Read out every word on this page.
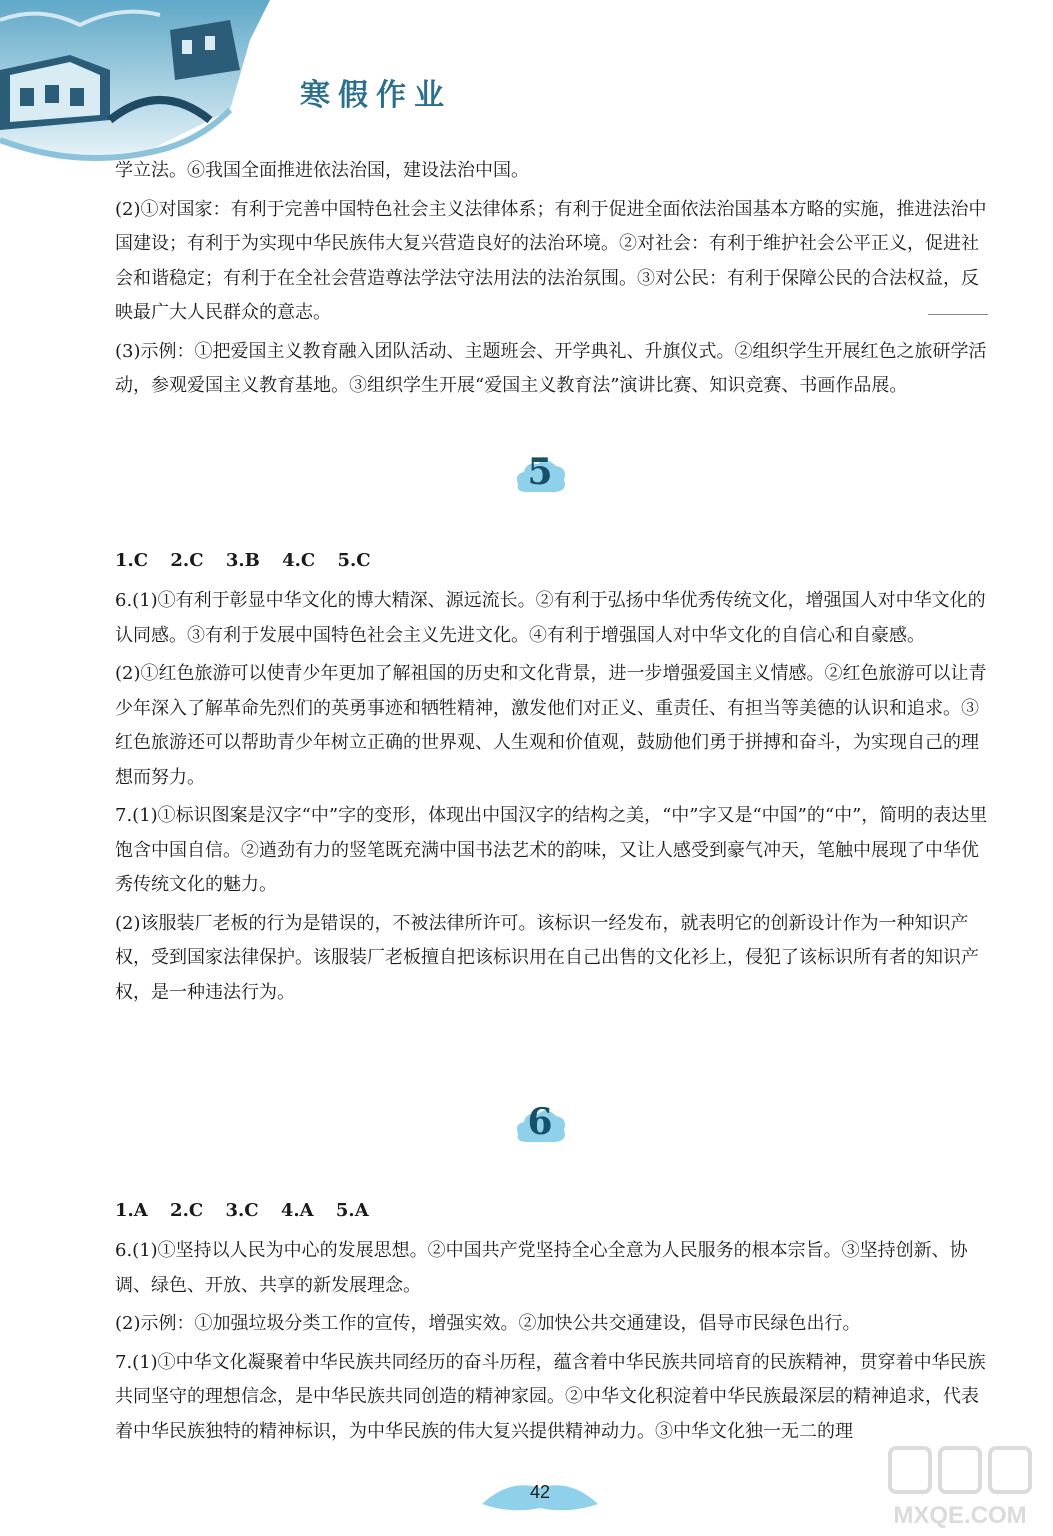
寒假作业

学立法。⑥我国全面推进依法治国，建设法治中国。

(2)①对国家：有利于完善中国特色社会主义法律体系；有利于促进全面依法治国基本方略的实施，推进法治中国建设；有利于为实现中华民族伟大复兴营造良好的法治环境。②对社会：有利于维护社会公平正义，促进社会和谐稳定；有利于在全社会营造尊法学法守法用法的法治氛围。③对公民：有利于保障公民的合法权益，反映最广大人民群众的意志。

(3)示例：①把爱国主义教育融入团队活动、主题班会、开学典礼、升旗仪式。②组织学生开展红色之旅研学活动，参观爱国主义教育基地。③组织学生开展“爱国主义教育法”演讲比赛、知识竞赛、书画作品展。

5
1.C 2.C 3.B 4.C 5.C

6.(1)①有利于彰显中华文化的博大精深、源远流长。②有利于弘扬中华优秀传统文化，增强国人对中华文化的认同感。③有利于发展中国特色社会主义先进文化。④有利于增强国人对中华文化的自信心和自豪感。

(2)①红色旅游可以使青少年更加了解祖国的历史和文化背景，进一步增强爱国主义情感。②红色旅游可以让青少年深入了解革命先烈们的英勇事迹和牺牲精神，激发他们对正义、重责任、有担当等美德的认识和追求。③红色旅游还可以帮助青少年树立正确的世界观、人生观和价值观，鼓励他们勇于拼搏和奋斗，为实现自己的理想而努力。

7.(1)①标识图案是汉字“中”字的变形，体现出中国汉字的结构之美，“中”字又是“中国”的“中”，简明的表达里饱含中国自信。②遒劲有力的竖笔既充满中国书法艺术的韵味，又让人感受到豪气冲天，笔触中展现了中华优秀传统文化的魅力。

(2)该服装厂老板的行为是错误的，不被法律所许可。该标识一经发布，就表明它的创新设计作为一种知识产权，受到国家法律保护。该服装厂老板擅自把该标识用在自己出售的文化衫上，侵犯了该标识所有者的知识产权，是一种违法行为。

6
1.A 2.C 3.C 4.A 5.A

6.(1)①坚持以人民为中心的发展思想。②中国共产党坚持全心全意为人民服务的根本宗旨。③坚持创新、协调、绿色、开放、共享的新发展理念。

(2)示例：①加强垃圾分类工作的宣传，增强实效。②加快公共交通建设，倡导市民绿色出行。

7.(1)①中华文化凝聚着中华民族共同经历的奋斗历程，蕴含着中华民族共同培育的民族精神，贯穿着中华民族共同坚守的理想信念，是中华民族共同创造的精神家园。②中华文化积淀着中华民族最深层的精神追求，代表着中华民族独特的精神标识，为中华民族的伟大复兴提供精神动力。③中华文化独一无二的理

42
MXQE.COM
